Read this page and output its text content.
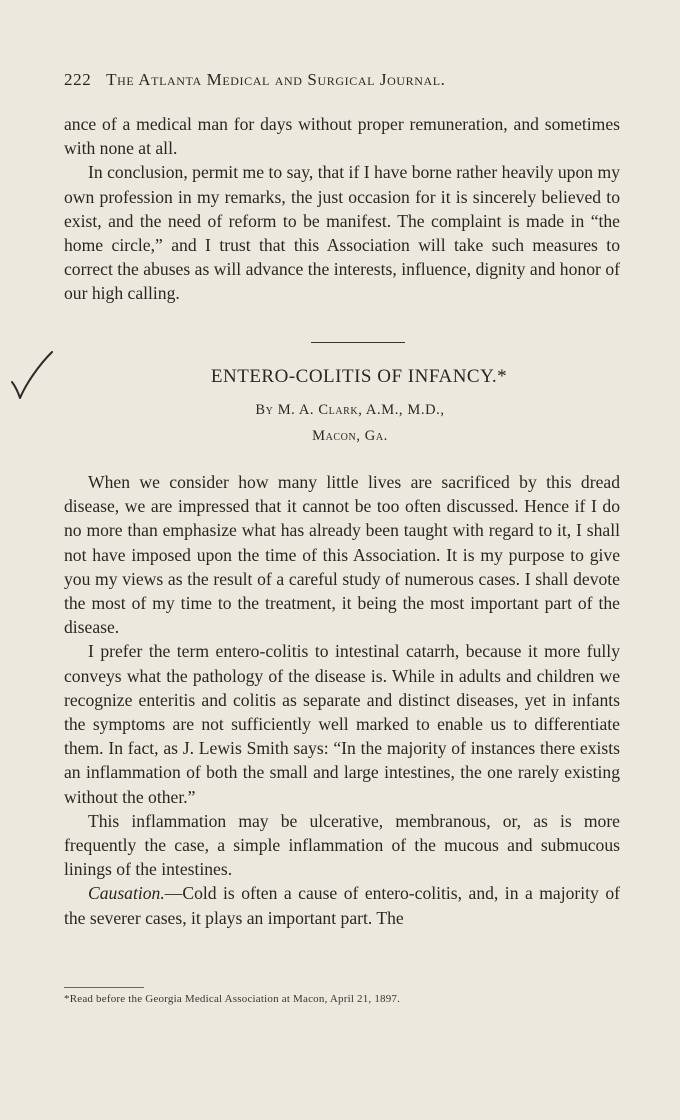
222 The Atlanta Medical and Surgical Journal.

ance of a medical man for days without proper remuneration, and sometimes with none at all.

In conclusion, permit me to say, that if I have borne rather heavily upon my own profession in my remarks, the just occasion for it is sincerely believed to exist, and the need of reform to be manifest. The complaint is made in “the home circle,” and I trust that this Association will take such measures to correct the abuses as will advance the interests, influence, dignity and honor of our high calling.

ENTERO-COLITIS OF INFANCY.*
By M. A. Clark, A.M., M.D.,
Macon, Ga.

When we consider how many little lives are sacrificed by this dread disease, we are impressed that it cannot be too often discussed. Hence if I do no more than emphasize what has already been taught with regard to it, I shall not have imposed upon the time of this Association. It is my purpose to give you my views as the result of a careful study of numerous cases. I shall devote the most of my time to the treatment, it being the most important part of the disease.

I prefer the term entero-colitis to intestinal catarrh, because it more fully conveys what the pathology of the disease is. While in adults and children we recognize enteritis and colitis as separate and distinct diseases, yet in infants the symptoms are not sufficiently well marked to enable us to differentiate them. In fact, as J. Lewis Smith says: “In the majority of instances there exists an inflammation of both the small and large intestines, the one rarely existing without the other.”

This inflammation may be ulcerative, membranous, or, as is more frequently the case, a simple inflammation of the mucous and submucous linings of the intestines.

Causation.—Cold is often a cause of entero-colitis, and, in a majority of the severer cases, it plays an important part. The

*Read before the Georgia Medical Association at Macon, April 21, 1897.
